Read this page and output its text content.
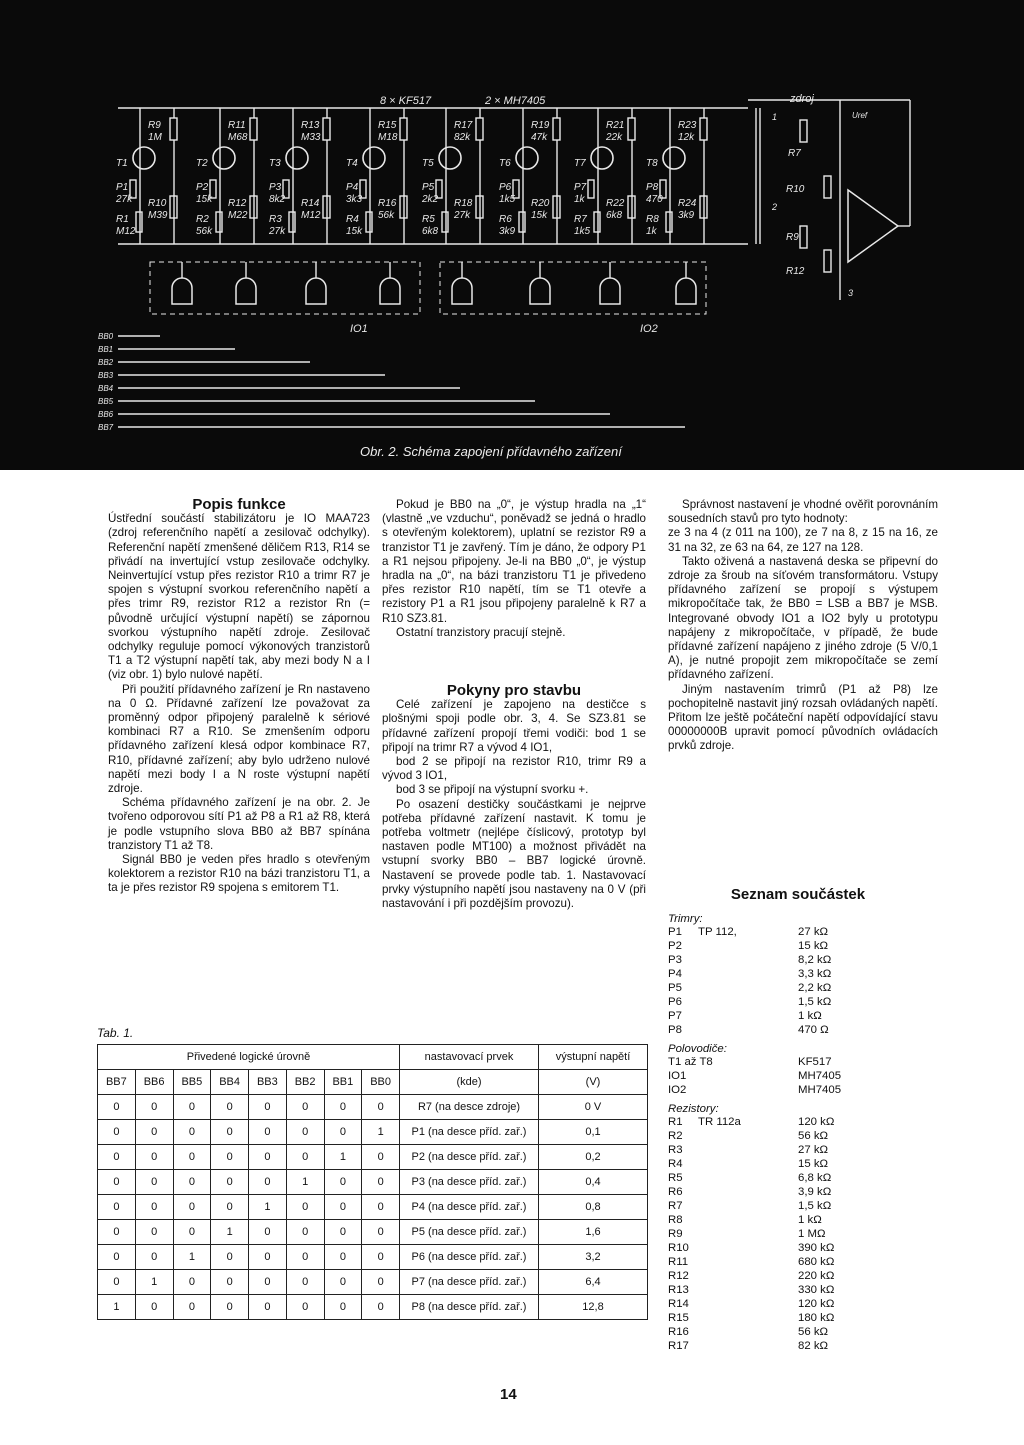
8 × KF517	2 × MH7405	zdroj
R9
1M
T1
P1
27k R10
M39
R1
M12
R11
M68
T2
P2
15k R12
M22
R2
56k
R13
M33
T3
P3
8k2 R14
M12
R3
27k
R15
M18
T4
P4
3k3 R16
56k
R4
15k
R17
82k
T5
P5
2k2 R18
27k
R5
6k8
R19
47k
T6
P6
1k5 R20
15k
R6
3k9
R21
22k
T7
P7
1k R22
6k8
R7
1k5
R23
12k
T8
P8
470 R24
3k9
R8
1k
IO1	IO2
BB0
BB1
BB2
BB3
BB4
BB5
BB6
BB7
R7
R10
R9
R12
Uref
1
2
3
Obr. 2. Schéma zapojení přídavného zařízení

Popis funkce

Ústřední součástí stabilizátoru je IO MAA723 (zdroj referenčního napětí a zesilovač odchylky). Referenční napětí zmenšené děličem R13, R14 se přivádí na invertující vstup zesilovače odchylky. Neinvertující vstup přes rezistor R10 a trimr R7 je spojen s výstupní svorkou referenčního napětí a přes trimr R9, rezistor R12 a rezistor Rn (= původně určující výstupní napětí) se zápornou svorkou výstupního napětí zdroje. Zesilovač odchylky reguluje pomocí výkonových tranzistorů T1 a T2 výstupní napětí tak, aby mezi body N a I (viz obr. 1) bylo nulové napětí.

Při použití přídavného zařízení je Rn nastaveno na 0 Ω. Přídavné zařízení lze považovat za proměnný odpor připojený paralelně k sériové kombinaci R7 a R10. Se zmenšením odporu přídavného zařízení klesá odpor kombinace R7, R10, přídavné zařízení; aby bylo udrženo nulové napětí mezi body I a N roste výstupní napětí zdroje.

Schéma přídavného zařízení je na obr. 2. Je tvořeno odporovou sítí P1 až P8 a R1 až R8, která je podle vstupního slova BB0 až BB7 spínána tranzistory T1 až T8.

Signál BB0 je veden přes hradlo s otevřeným kolektorem a rezistor R10 na bázi tranzistoru T1, a ta je přes rezistor R9 spojena s emitorem T1.

Pokud je BB0 na „0“, je výstup hradla na „1“ (vlastně „ve vzduchu“, poněvadž se jedná o hradlo s otevřeným kolektorem), uplatní se rezistor R9 a tranzistor T1 je zavřený. Tím je dáno, že odpory P1 a R1 nejsou připojeny. Je-li na BB0 „0“, je výstup hradla na „0“, na bázi tranzistoru T1 je přivedeno přes rezistor R10 napětí, tím se T1 otevře a rezistory P1 a R1 jsou připojeny paralelně k R7 a R10 SZ3.81.

Ostatní tranzistory pracují stejně.

Pokyny pro stavbu

Celé zařízení je zapojeno na destičce s plošnými spoji podle obr. 3, 4. Se SZ3.81 se přídavné zařízení propojí třemi vodiči: bod 1 se připojí na trimr R7 a vývod 4 IO1,

bod 2 se připojí na rezistor R10, trimr R9 a vývod 3 IO1,

bod 3 se připojí na výstupní svorku +.

Po osazení destičky součástkami je nejprve potřeba přídavné zařízení nastavit. K tomu je potřeba voltmetr (nejlépe číslicový, prototyp byl nastaven podle MT100) a možnost přivádět na vstupní svorky BB0 – BB7 logické úrovně. Nastavení se provede podle tab. 1. Nastavovací prvky výstupního napětí jsou nastaveny na 0 V (při nastavování i při pozdějším provozu).

Správnost nastavení je vhodné ověřit porovnáním sousedních stavů pro tyto hodnoty:

ze 3 na 4 (z 011 na 100), ze 7 na 8, z 15 na 16, ze 31 na 32, ze 63 na 64, ze 127 na 128.

Takto oživená a nastavená deska se připevní do zdroje za šroub na síťovém transformátoru. Vstupy přídavného zařízení se propojí s výstupem mikropočítače tak, že BB0 = LSB a BB7 je MSB. Integrované obvody IO1 a IO2 byly u prototypu napájeny z mikropočítače, v případě, že bude přídavné zařízení napájeno z jiného zdroje (5 V/0,1 A), je nutné propojit zem mikropočítače se zemí přídavného zařízení.

Jiným nastavením trimrů (P1 až P8) lze pochopitelně nastavit jiný rozsah ovládaných napětí. Přitom lze ještě počáteční napětí odpovídající stavu 00000000B upravit pomocí původních ovládacích prvků zdroje.

Seznam součástek
Trimry:
P1	TP 112,	27 kΩ
P2	15 kΩ
P3	8,2 kΩ
P4	3,3 kΩ
P5	2,2 kΩ
P6	1,5 kΩ
P7	1 kΩ
P8	470 Ω
Polovodiče:
T1 až T8	KF517
IO1	MH7405
IO2	MH7405
Rezistory:
R1	TR 112a	120 kΩ
R2	56 kΩ
R3	27 kΩ
R4	15 kΩ
R5	6,8 kΩ
R6	3,9 kΩ
R7	1,5 kΩ
R8	1 kΩ
R9	1 MΩ
R10	390 kΩ
R11	680 kΩ
R12	220 kΩ
R13	330 kΩ
R14	120 kΩ
R15	180 kΩ
R16	56 kΩ
R17	82 kΩ
Tab. 1.
Přivedené logické úrovně								nastavovací prvek	výstupní napětí
BB7	BB6	BB5	BB4	BB3	BB2	BB1	BB0	(kde)	(V)
0	0	0	0	0	0	0	0	R7 (na desce zdroje)	0 V
0	0	0	0	0	0	0	1	P1 (na desce příd. zař.)	0,1
0	0	0	0	0	0	1	0	P2 (na desce příd. zař.)	0,2
0	0	0	0	0	1	0	0	P3 (na desce příd. zař.)	0,4
0	0	0	0	1	0	0	0	P4 (na desce příd. zař.)	0,8
0	0	0	1	0	0	0	0	P5 (na desce příd. zař.)	1,6
0	0	1	0	0	0	0	0	P6 (na desce příd. zař.)	3,2
0	1	0	0	0	0	0	0	P7 (na desce příd. zař.)	6,4
1	0	0	0	0	0	0	0	P8 (na desce příd. zař.)	12,8
14
